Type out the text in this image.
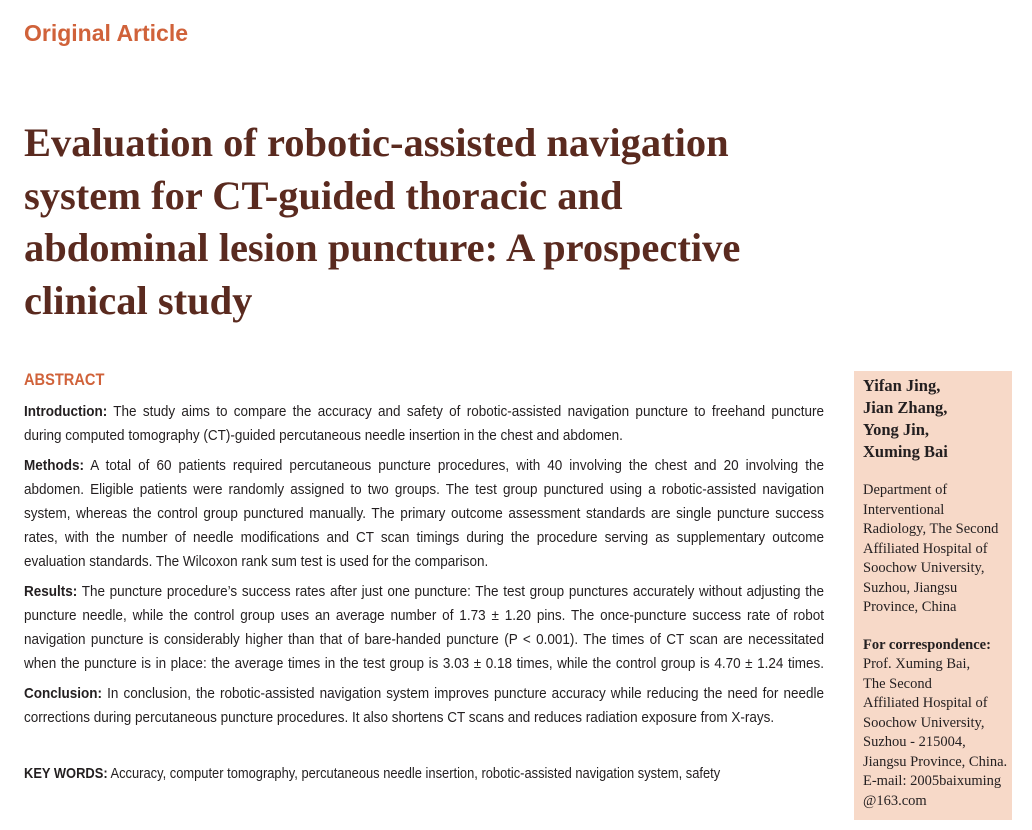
Original Article
Evaluation of robotic-assisted navigation
system for CT-guided thoracic and
abdominal lesion puncture: A prospective
clinical study
ABSTRACT

Introduction: The study aims to compare the accuracy and safety of robotic-assisted navigation puncture to freehand puncture
during computed tomography (CT)-guided percutaneous needle insertion in the chest and abdomen.

Methods: A total of 60 patients required percutaneous puncture procedures, with 40 involving the chest and 20 involving the
abdomen. Eligible patients were randomly assigned to two groups. The test group punctured using a robotic-assisted navigation
system, whereas the control group punctured manually. The primary outcome assessment standards are single puncture success
rates, with the number of needle modifications and CT scan timings during the procedure serving as supplementary outcome
evaluation standards. The Wilcoxon rank sum test is used for the comparison.

Results: The puncture procedure’s success rates after just one puncture: The test group punctures accurately without adjusting the
puncture needle, while the control group uses an average number of 1.73 ± 1.20 pins. The once-puncture success rate of robot
navigation puncture is considerably higher than that of bare-handed puncture (P < 0.001). The times of CT scan are necessitated
when the puncture is in place: the average times in the test group is 3.03 ± 0.18 times, while the control group is 4.70 ± 1.24 times.

Conclusion: In conclusion, the robotic-assisted navigation system improves puncture accuracy while reducing the need for needle
corrections during percutaneous puncture procedures. It also shortens CT scans and reduces radiation exposure from X-rays.

KEY WORDS: Accuracy, computer tomography, percutaneous needle insertion, robotic-assisted navigation system, safety
Yifan Jing,
Jian Zhang,
Yong Jin,
Xuming Bai
Department of
Interventional
Radiology, The Second
Affiliated Hospital of
Soochow University,
Suzhou, Jiangsu
Province, China
For correspondence:
Prof. Xuming Bai,
The Second
Affiliated Hospital of
Soochow University,
Suzhou - 215004,
Jiangsu Province, China.
E-mail: 2005baixuming
@163.com
